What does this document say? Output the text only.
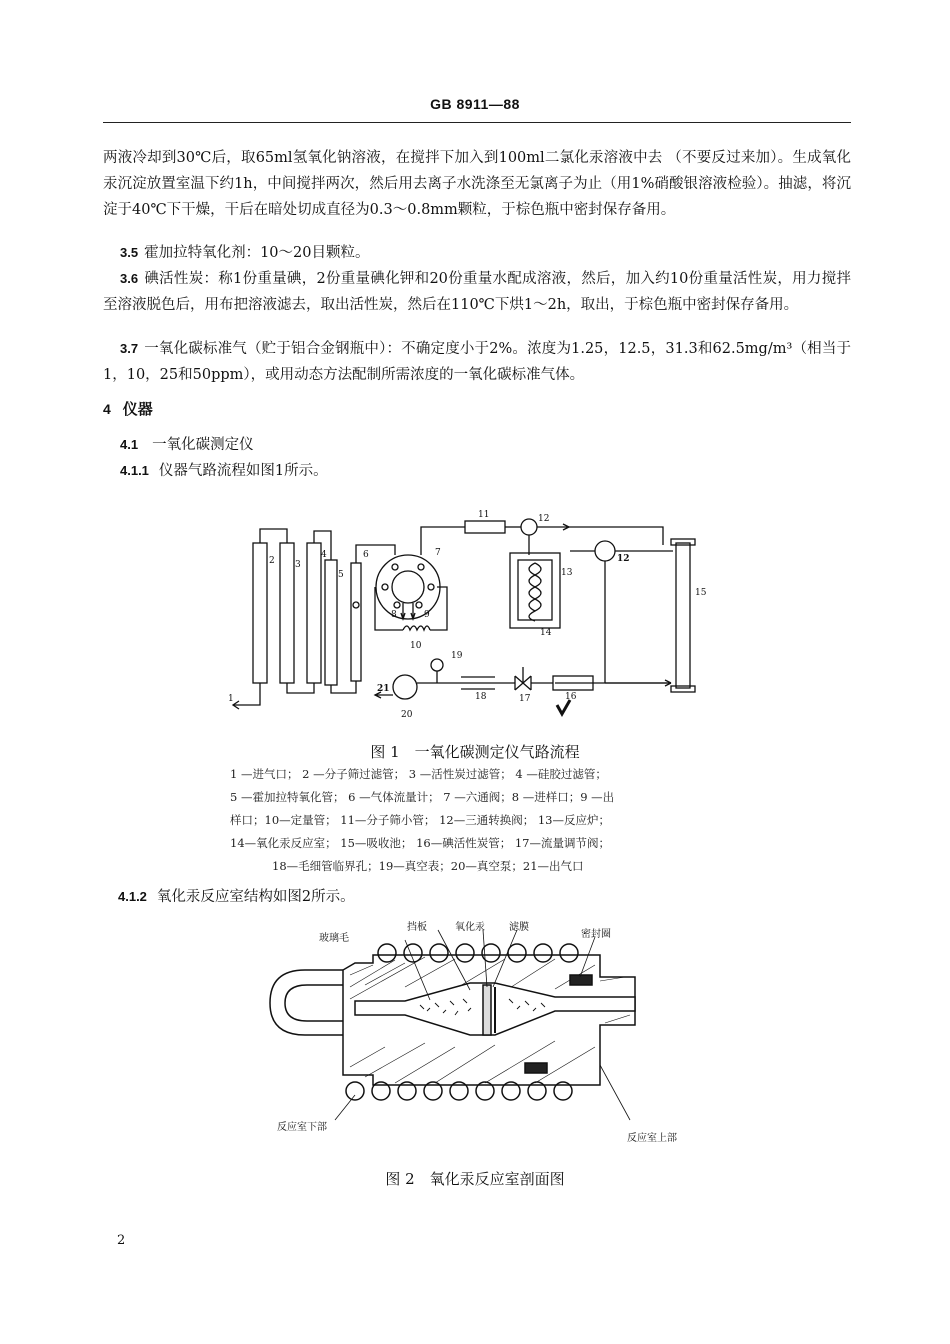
GB 8911—88
两液冷却到30℃后，取65ml氢氧化钠溶液，在搅拌下加入到100ml二氯化汞溶液中去 （不要反过来加）。生成氧化汞沉淀放置室温下约1h，中间搅拌两次，然后用去离子水洗涤至无氯离子为止（用1%硝酸银溶液检验）。抽滤，将沉淀于40℃下干燥，干后在暗处切成直径为0.3～0.8mm颗粒，于棕色瓶中密封保存备用。
3.5 霍加拉特氧化剂：10～20目颗粒。
3.6 碘活性炭：称1份重量碘，2份重量碘化钾和20份重量水配成溶液，然后，加入约10份重量活性炭，用力搅拌至溶液脱色后，用布把溶液滤去，取出活性炭，然后在110℃下烘1～2h，取出，于棕色瓶中密封保存备用。
3.7 一氧化碳标准气（贮于铝合金钢瓶中）：不确定度小于2%。浓度为1.25，12.5，31.3和62.5mg/m³（相当于1，10，25和50ppm），或用动态方法配制所需浓度的一氧化碳标准气体。
4 仪器
4.1 一氧化碳测定仪
4.1.1 仪器气路流程如图1所示。
1
2 3
4
5
6	7
8	9
10
11	12
12
13
14
15
16
17
18
19
20
21
图 1　一氧化碳测定仪气路流程
1 —进气口； 2 —分子筛过滤管； 3 —活性炭过滤管； 4 —硅胶过滤管；
5 —霍加拉特氧化管； 6 —气体流量计； 7 —六通阀；8 —进样口；9 —出
样口；10—定量管； 11—分子筛小管； 12—三通转换阀； 13—反应炉；
14—氧化汞反应室； 15—吸收池； 16—碘活性炭管； 17—流量调节阀；
18—毛细管临界孔；19—真空表；20—真空泵；21—出气口
4.1.2 氧化汞反应室结构如图2所示。
玻璃毛
挡板	氧化汞 滤膜
密封圈
反应室下部
反应室上部
图 2　氧化汞反应室剖面图
2
